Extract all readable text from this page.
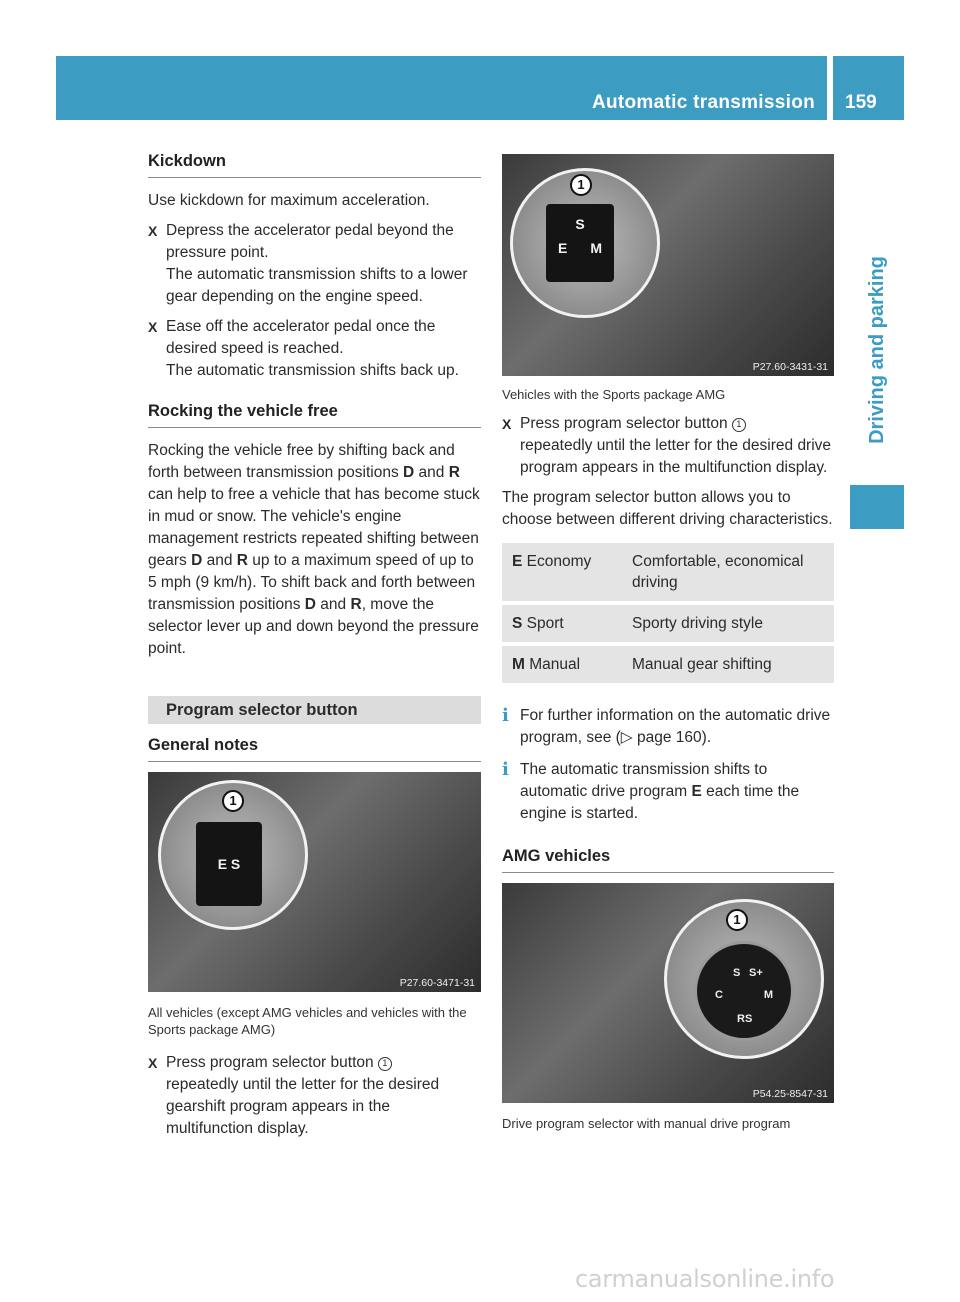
Automatic transmission 159
Driving and parking
Kickdown

Use kickdown for maximum acceleration.

X Depress the accelerator pedal beyond the pressure point.

The automatic transmission shifts to a lower gear depending on the engine speed.

X Ease off the accelerator pedal once the desired speed is reached.

The automatic transmission shifts back up.

Rocking the vehicle free

Rocking the vehicle free by shifting back and forth between transmission positions D and R can help to free a vehicle that has become stuck in mud or snow. The vehicle's engine management restricts repeated shifting between gears D and R up to a maximum speed of up to 5 mph (9 km/h). To shift back and forth between transmission positions D and R, move the selector lever up and down beyond the pressure point.

Program selector button
General notes
1
E S
P27.60-3471-31

All vehicles (except AMG vehicles and vehicles with the Sports package AMG)

X Press program selector button 1

repeatedly until the letter for the desired gearshift program appears in the multifunction display.

1
S
E M
P27.60-3431-31

Vehicles with the Sports package AMG

X Press program selector button 1

repeatedly until the letter for the desired drive program appears in the multifunction display.

The program selector button allows you to choose between different driving characteristics.

E Economy	Comfortable, economical driving
S Sport	Sporty driving style
M Manual	Manual gear shifting
i For further information on the automatic drive program, see (▷ page 160).

i The automatic transmission shifts to automatic drive program E each time the engine is started.

AMG vehicles
1
S S+
C	M
RS
P54.25-8547-31

Drive program selector with manual drive program

carmanualsonline.info
